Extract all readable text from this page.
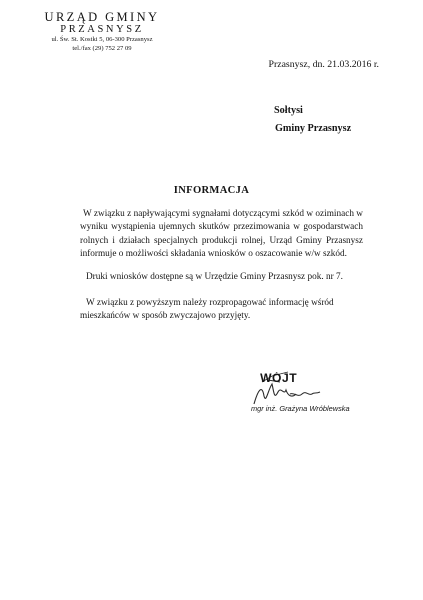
URZĄD GMINY
PRZASNYSZ
ul. Św. St. Kostki 5, 06-300 Przasnysz
tel./fax (29) 752 27 09
Przasnysz, dn. 21.03.2016 r.
Sołtysi
Gminy Przasnysz
INFORMACJA
W związku z napływającymi sygnałami dotyczącymi szkód w oziminach w wyniku wystąpienia ujemnych skutków przezimowania w gospodarstwach rolnych i działach specjalnych produkcji rolnej, Urząd Gminy Przasnysz informuje o możliwości składania wniosków o oszacowanie w/w szkód.
Druki wniosków dostępne są w Urzędzie Gminy Przasnysz pok. nr 7.
W związku z powyższym należy rozpropagować informację wśród
mieszkańców w sposób zwyczajowo przyjęty.
WÓJT
mgr inż. Grażyna Wróblewska
